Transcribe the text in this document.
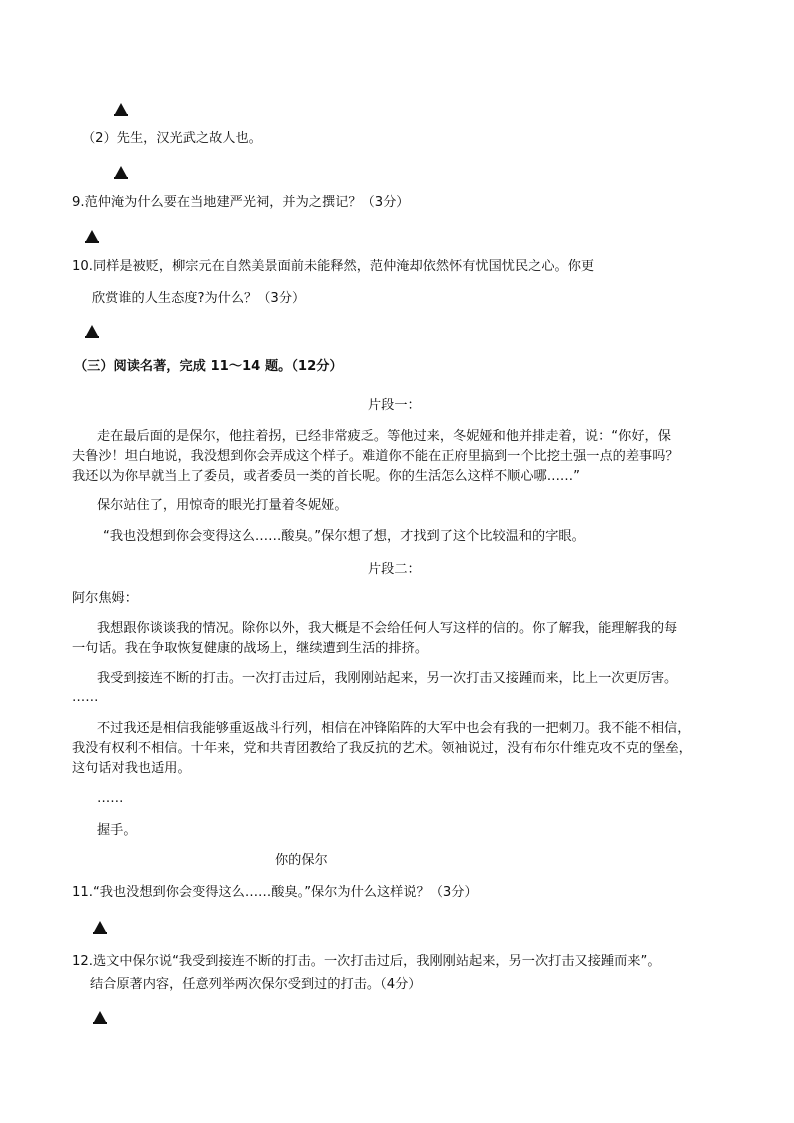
（2）先生，汉光武之故人也。
9.范仲淹为什么要在当地建严光祠，并为之撰记？（3分）
10.同样是被贬，柳宗元在自然美景面前未能释然，范仲淹却依然怀有忧国忧民之心。你更
欣赏谁的人生态度?为什么？（3分）
（三）阅读名著，完成 11～14 题。（12分）
片段一：
走在最后面的是保尔，他拄着拐，已经非常疲乏。等他过来，冬妮娅和他并排走着，说：“你好，保
夫鲁沙！坦白地说，我没想到你会弄成这个样子。难道你不能在正府里搞到一个比挖土强一点的差事吗？
我还以为你早就当上了委员，或者委员一类的首长呢。你的生活怎么这样不顺心哪……”
保尔站住了，用惊奇的眼光打量着冬妮娅。
“我也没想到你会变得这么……酸臭。”保尔想了想，才找到了这个比较温和的字眼。
片段二：
阿尔焦姆：
我想跟你谈谈我的情况。除你以外，我大概是不会给任何人写这样的信的。你了解我，能理解我的每
一句话。我在争取恢复健康的战场上，继续遭到生活的排挤。
我受到接连不断的打击。一次打击过后，我刚刚站起来，另一次打击又接踵而来，比上一次更厉害。
……
不过我还是相信我能够重返战斗行列，相信在冲锋陷阵的大军中也会有我的一把刺刀。我不能不相信，
我没有权利不相信。十年来，党和共青团教给了我反抗的艺术。领袖说过，没有布尔什维克攻不克的堡垒，
这句话对我也适用。
……
握手。
你的保尔
11.“我也没想到你会变得这么……酸臭。”保尔为什么这样说？（3分）
12.选文中保尔说“我受到接连不断的打击。一次打击过后，我刚刚站起来，另一次打击又接踵而来”。
结合原著内容，任意列举两次保尔受到过的打击。（4分）
